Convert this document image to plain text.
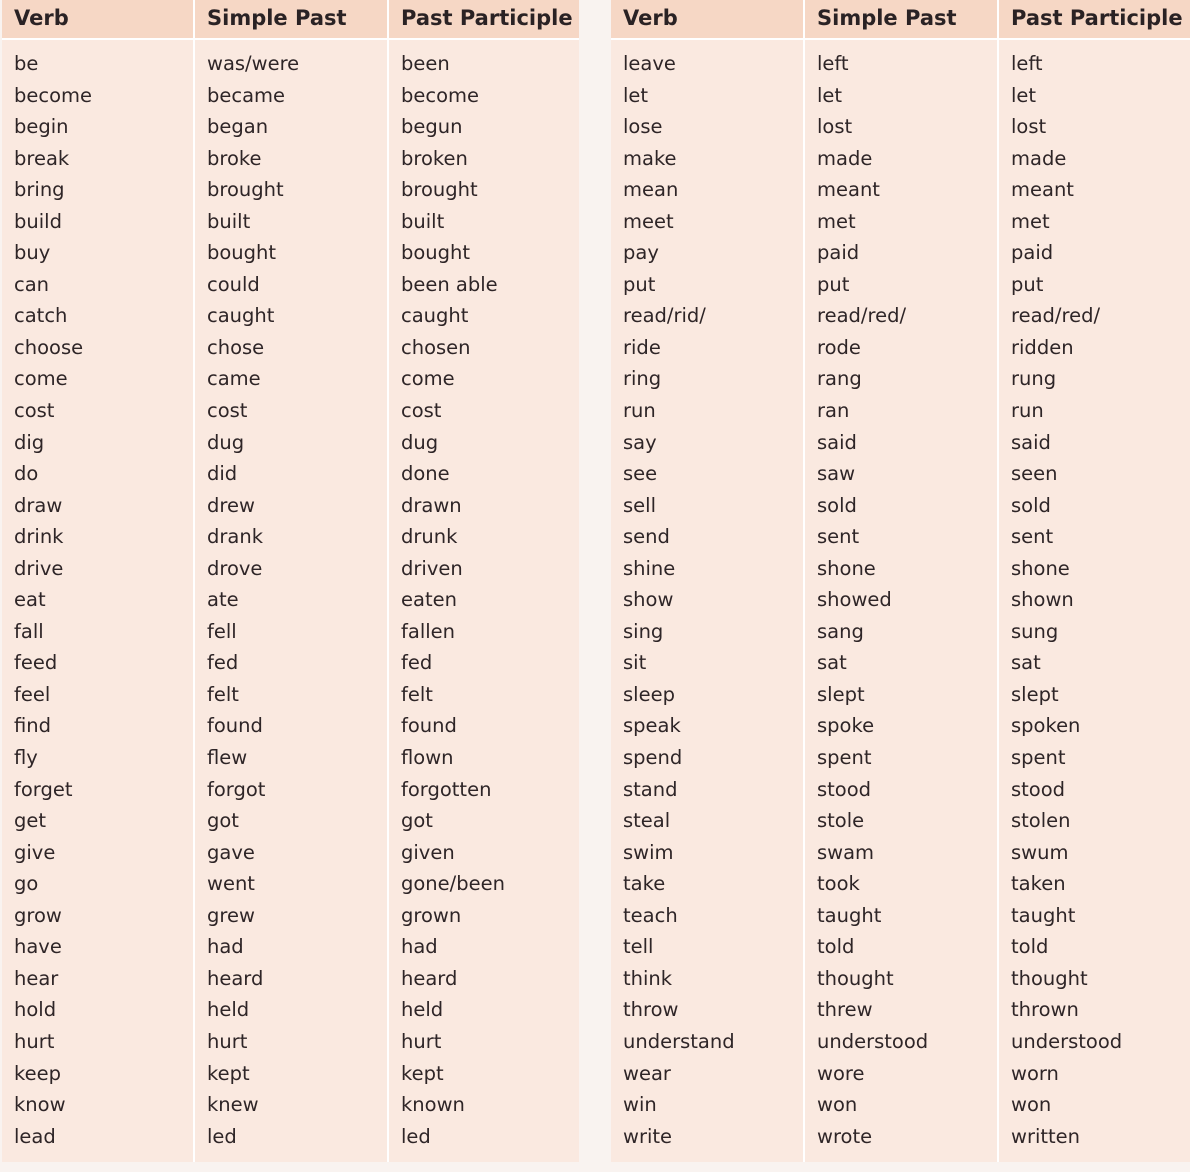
Verb
be
become
begin
break
bring
build
buy
can
catch
choose
come
cost
dig
do
draw
drink
drive
eat
fall
feed
feel
find
fly
forget
get
give
go
grow
have
hear
hold
hurt
keep
know
lead
Simple Past
was/were
became
began
broke
brought
built
bought
could
caught
chose
came
cost
dug
did
drew
drank
drove
ate
fell
fed
felt
found
flew
forgot
got
gave
went
grew
had
heard
held
hurt
kept
knew
led
Past Participle
been
become
begun
broken
brought
built
bought
been able
caught
chosen
come
cost
dug
done
drawn
drunk
driven
eaten
fallen
fed
felt
found
flown
forgotten
got
given
gone/been
grown
had
heard
held
hurt
kept
known
led
Verb
leave
let
lose
make
mean
meet
pay
put
read/rid/
ride
ring
run
say
see
sell
send
shine
show
sing
sit
sleep
speak
spend
stand
steal
swim
take
teach
tell
think
throw
understand
wear
win
write
Simple Past
left
let
lost
made
meant
met
paid
put
read/red/
rode
rang
ran
said
saw
sold
sent
shone
showed
sang
sat
slept
spoke
spent
stood
stole
swam
took
taught
told
thought
threw
understood
wore
won
wrote
Past Participle
left
let
lost
made
meant
met
paid
put
read/red/
ridden
rung
run
said
seen
sold
sent
shone
shown
sung
sat
slept
spoken
spent
stood
stolen
swum
taken
taught
told
thought
thrown
understood
worn
won
written
